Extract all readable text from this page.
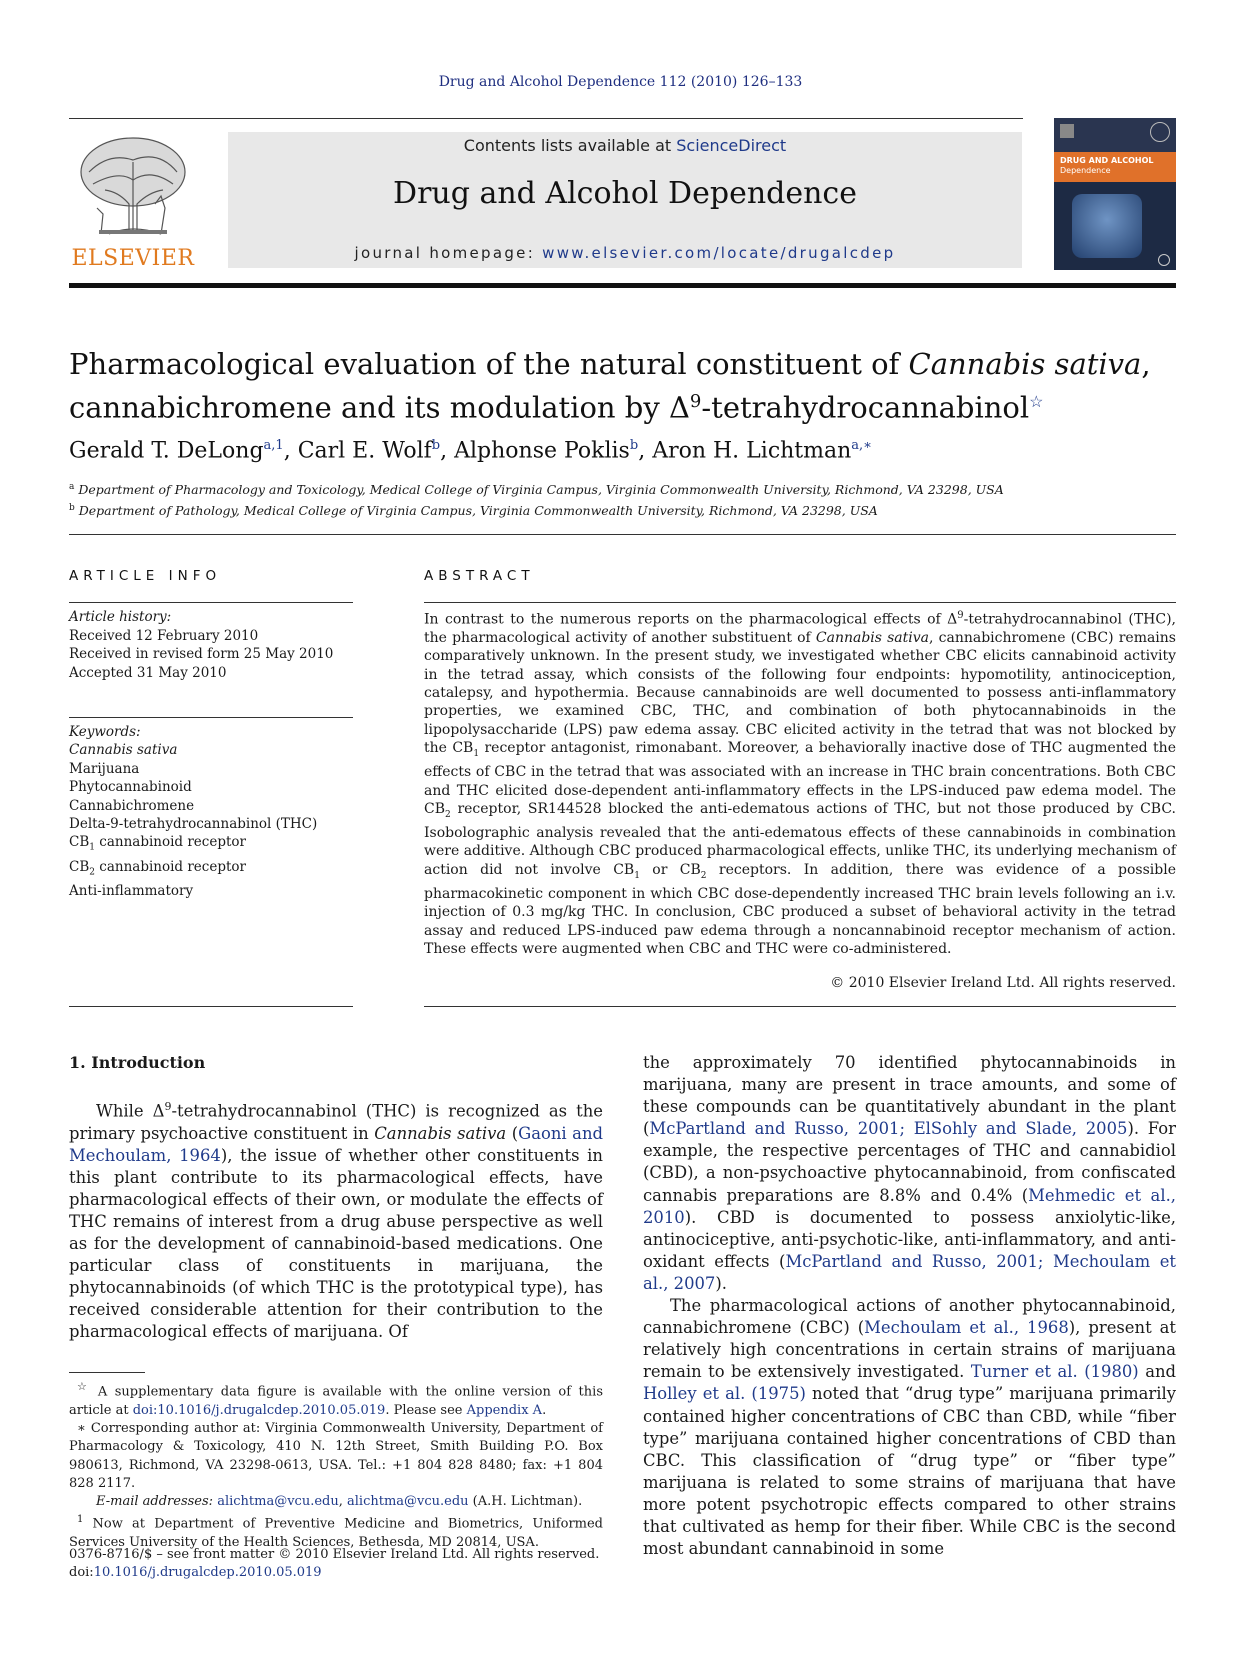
Drug and Alcohol Dependence 112 (2010) 126–133
ELSEVIER
Contents lists available at ScienceDirect
Drug and Alcohol Dependence
journal homepage: www.elsevier.com/locate/drugalcdep
DRUG AND ALCOHOL
Dependence
Pharmacological evaluation of the natural constituent of Cannabis sativa,
cannabichromene and its modulation by $\Delta^9-tetrahydrocannabinol^☆$
Gerald T. DeLong$^{a,1}$, Carl E. Wolf$^b$, Alphonse Poklis$^b$, Aron H. Lichtman$^{a,∗}$
$^a$ Department of Pharmacology and Toxicology, Medical College of Virginia Campus, Virginia Commonwealth University, Richmond, VA 23298, USA
$^b$ Department of Pathology, Medical College of Virginia Campus, Virginia Commonwealth University, Richmond, VA 23298, USA
ARTICLE INFO	ABSTRACT
Article history:
Received 12 February 2010
Received in revised form 25 May 2010
Accepted 31 May 2010
Keywords:
Cannabis sativa
Marijuana
Phytocannabinoid
Cannabichromene
Delta-9-tetrahydrocannabinol (THC)
$CB_1$ cannabinoid receptor
$CB_2$ cannabinoid receptor
Anti-inflammatory
In contrast to the numerous reports on the pharmacological effects of $\Delta^9$-tetrahydrocannabinol (THC), the pharmacological activity of another substituent of Cannabis sativa, cannabichromene (CBC) remains comparatively unknown. In the present study, we investigated whether CBC elicits cannabinoid activity in the tetrad assay, which consists of the following four endpoints: hypomotility, antinociception, catalepsy, and hypothermia. Because cannabinoids are well documented to possess anti-inflammatory properties, we examined CBC, THC, and combination of both phytocannabinoids in the lipopolysaccharide (LPS) paw edema assay. CBC elicited activity in the tetrad that was not blocked by the $CB_1$ receptor antagonist, rimonabant. Moreover, a behaviorally inactive dose of THC augmented the effects of CBC in the tetrad that was associated with an increase in THC brain concentrations. Both CBC and THC elicited dose-dependent anti-inflammatory effects in the LPS-induced paw edema model. The $CB_2$ receptor, SR144528 blocked the anti-edematous actions of THC, but not those produced by CBC. Isobolographic analysis revealed that the anti-edematous effects of these cannabinoids in combination were additive. Although CBC produced pharmacological effects, unlike THC, its underlying mechanism of action did not involve $CB_1$ or $CB_2$ receptors. In addition, there was evidence of a possible pharmacokinetic component in which CBC dose-dependently increased THC brain levels following an i.v. injection of 0.3 mg/kg THC. In conclusion, CBC produced a subset of behavioral activity in the tetrad assay and reduced LPS-induced paw edema through a noncannabinoid receptor mechanism of action. These effects were augmented when CBC and THC were co-administered.
© 2010 Elsevier Ireland Ltd. All rights reserved.
1. Introduction

While $\Delta^9$-tetrahydrocannabinol (THC) is recognized as the primary psychoactive constituent in Cannabis sativa (Gaoni and Mechoulam, 1964), the issue of whether other constituents in this plant contribute to its pharmacological effects, have pharmacological effects of their own, or modulate the effects of THC remains of interest from a drug abuse perspective as well as for the development of cannabinoid-based medications. One particular class of constituents in marijuana, the phytocannabinoids (of which THC is the prototypical type), has received considerable attention for their contribution to the pharmacological effects of marijuana. Of

the approximately 70 identified phytocannabinoids in marijuana, many are present in trace amounts, and some of these compounds can be quantitatively abundant in the plant (McPartland and Russo, 2001; ElSohly and Slade, 2005). For example, the respective percentages of THC and cannabidiol (CBD), a non-psychoactive phytocannabinoid, from confiscated cannabis preparations are 8.8% and 0.4% (Mehmedic et al., 2010). CBD is documented to possess anxiolytic-like, antinociceptive, anti-psychotic-like, anti-inflammatory, and anti-oxidant effects (McPartland and Russo, 2001; Mechoulam et al., 2007).

The pharmacological actions of another phytocannabinoid, cannabichromene (CBC) (Mechoulam et al., 1968), present at relatively high concentrations in certain strains of marijuana remain to be extensively investigated. Turner et al. (1980) and Holley et al. (1975) noted that “drug type” marijuana primarily contained higher concentrations of CBC than CBD, while “fiber type” marijuana contained higher concentrations of CBD than CBC. This classification of “drug type” or “fiber type” marijuana is related to some strains of marijuana that have more potent psychotropic effects compared to other strains that cultivated as hemp for their fiber. While CBC is the second most abundant cannabinoid in some

☆ A supplementary data figure is available with the online version of this article at doi:10.1016/j.drugalcdep.2010.05.019. Please see Appendix A.

∗ Corresponding author at: Virginia Commonwealth University, Department of Pharmacology & Toxicology, 410 N. 12th Street, Smith Building P.O. Box 980613, Richmond, VA 23298-0613, USA. Tel.: +1 804 828 8480; fax: +1 804 828 2117.

E-mail addresses: alichtma@vcu.edu, alichtma@vcu.edu (A.H. Lichtman).

$^1$ Now at Department of Preventive Medicine and Biometrics, Uniformed Services University of the Health Sciences, Bethesda, MD 20814, USA.

0376-8716/$ – see front matter © 2010 Elsevier Ireland Ltd. All rights reserved.
doi:10.1016/j.drugalcdep.2010.05.019
